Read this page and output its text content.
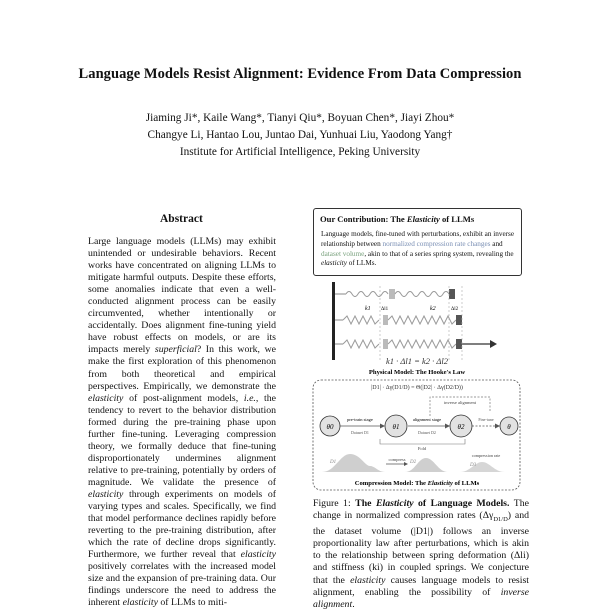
Language Models Resist Alignment: Evidence From Data Compression
Jiaming Ji*, Kaile Wang*, Tianyi Qiu*, Boyuan Chen*, Jiayi Zhou*
Changye Li, Hantao Lou, Juntao Dai, Yunhuai Liu, Yaodong Yang†
Institute for Artificial Intelligence, Peking University
Abstract

Large language models (LLMs) may exhibit unintended or undesirable behaviors. Recent works have concentrated on aligning LLMs to mitigate harmful outputs. Despite these efforts, some anomalies indicate that even a well-conducted alignment process can be easily circumvented, whether intentionally or accidentally. Does alignment fine-tuning yield have robust effects on models, or are its impacts merely superficial? In this work, we make the first exploration of this phenomenon from both theoretical and empirical perspectives. Empirically, we demonstrate the elasticity of post-alignment models, i.e., the tendency to revert to the behavior distribution formed during the pre-training phase upon further fine-tuning. Leveraging compression theory, we formally deduce that fine-tuning disproportionately undermines alignment relative to pre-training, potentially by orders of magnitude. We validate the presence of elasticity through experiments on models of varying types and scales. Specifically, we find that model performance declines rapidly before reverting to the pre-training distribution, after which the rate of decline drops significantly. Furthermore, we further reveal that elasticity positively correlates with the increased model size and the expansion of pre-training data. Our findings underscore the need to address the inherent elasticity of LLMs to miti-

Our Contribution: The Elasticity of LLMs
Language models, fine-tuned with perturbations, exhibit an inverse relationship between normalized compression rate changes and dataset volume, akin to that of a series spring system, revealing the elasticity of LLMs.
k1 Δl1	k2	Δl2
k1 · Δl1 = k2 · Δl2
Physical Model: The Hooke's Law
|D1| · Δγ(D1/D) = Θ(|D2| · Δγ(D2/D))
inverse alignment
θ0	θ1	θ2	θ
pre-train stage
Dataset D1
alignment stage
Dataset D2
Fine-tune
Fold
D1	D2
D3
compress
compression rate
Compression Model: The Elasticity of LLMs

Figure 1: The Elasticity of Language Models. The change in normalized compression rates $(\Delta\gamma_{D1/D})$ and the dataset volume (|D1|) follows an inverse proportionality law after perturbations, which is akin to the relationship between spring deformation (Δli) and stiffness (ki) in coupled springs. We conjecture that the elasticity causes language models to resist alignment, enabling the possibility of inverse alignment.
